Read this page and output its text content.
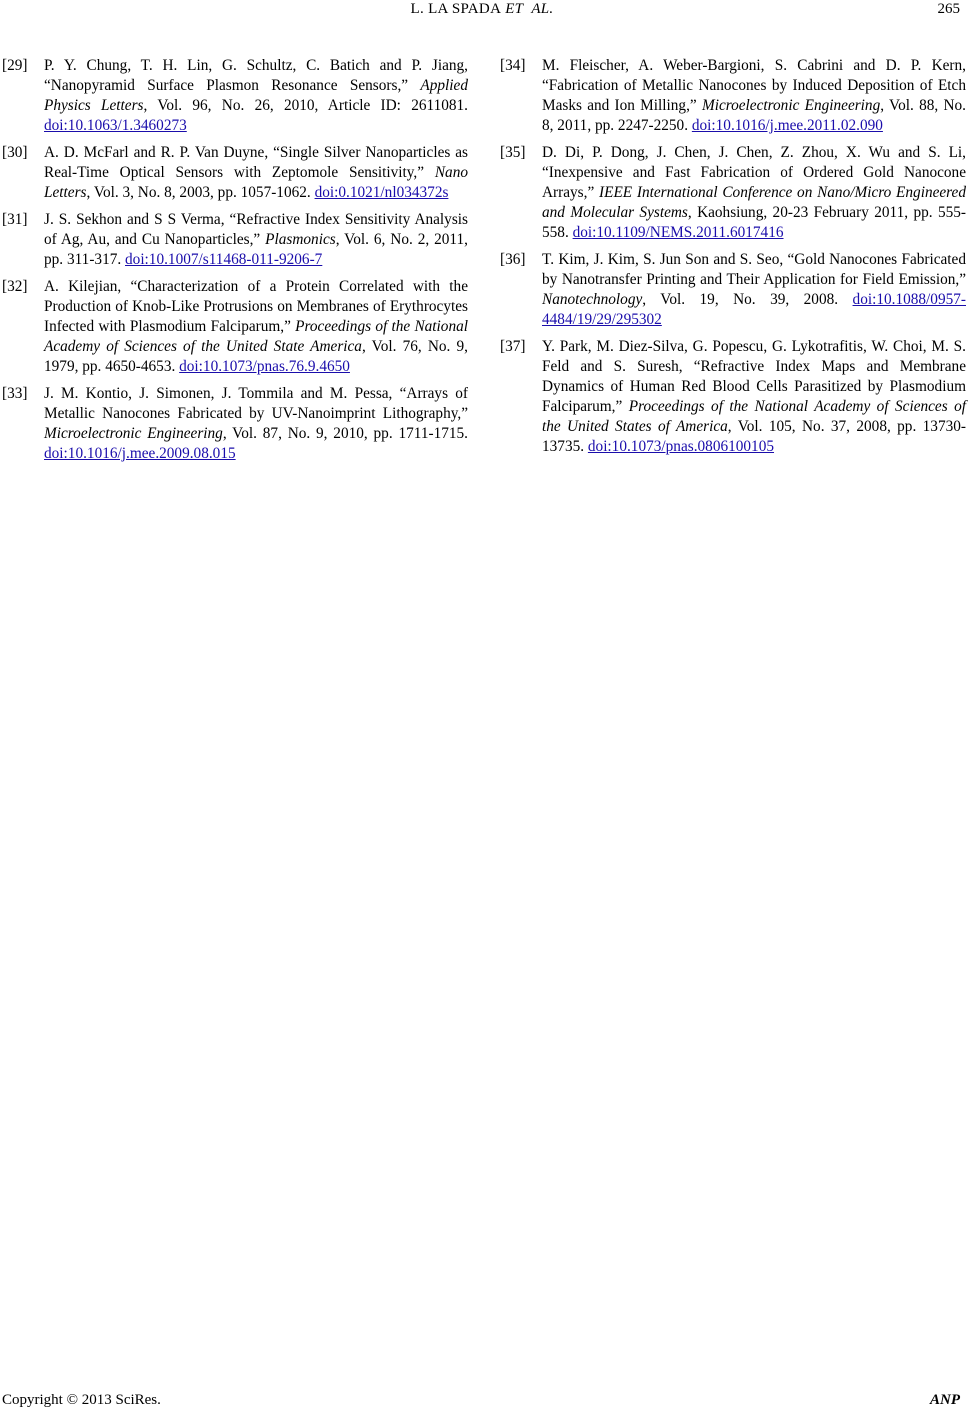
L. LA SPADA ET AL.	265
[29] P. Y. Chung, T. H. Lin, G. Schultz, C. Batich and P. Jiang, “Nanopyramid Surface Plasmon Resonance Sensors,” Applied Physics Letters, Vol. 96, No. 26, 2010, Article ID: 2611081. doi:10.1063/1.3460273
[30] A. D. McFarl and R. P. Van Duyne, “Single Silver Nanoparticles as Real-Time Optical Sensors with Zeptomole Sensitivity,” Nano Letters, Vol. 3, No. 8, 2003, pp. 1057-1062. doi:0.1021/nl034372s
[31] J. S. Sekhon and S S Verma, “Refractive Index Sensitivity Analysis of Ag, Au, and Cu Nanoparticles,” Plasmonics, Vol. 6, No. 2, 2011, pp. 311-317. doi:10.1007/s11468-011-9206-7
[32] A. Kilejian, “Characterization of a Protein Correlated with the Production of Knob-Like Protrusions on Membranes of Erythrocytes Infected with Plasmodium Falciparum,” Proceedings of the National Academy of Sciences of the United State America, Vol. 76, No. 9, 1979, pp. 4650-4653. doi:10.1073/pnas.76.9.4650
[33] J. M. Kontio, J. Simonen, J. Tommila and M. Pessa, “Arrays of Metallic Nanocones Fabricated by UV-Nanoimprint Lithography,” Microelectronic Engineering, Vol. 87, No. 9, 2010, pp. 1711-1715. doi:10.1016/j.mee.2009.08.015
[34] M. Fleischer, A. Weber-Bargioni, S. Cabrini and D. P. Kern, “Fabrication of Metallic Nanocones by Induced Deposition of Etch Masks and Ion Milling,” Microelectronic Engineering, Vol. 88, No. 8, 2011, pp. 2247-2250. doi:10.1016/j.mee.2011.02.090
[35] D. Di, P. Dong, J. Chen, J. Chen, Z. Zhou, X. Wu and S. Li, “Inexpensive and Fast Fabrication of Ordered Gold Nanocone Arrays,” IEEE International Conference on Nano/Micro Engineered and Molecular Systems, Kaohsiung, 20-23 February 2011, pp. 555-558. doi:10.1109/NEMS.2011.6017416
[36] T. Kim, J. Kim, S. Jun Son and S. Seo, “Gold Nanocones Fabricated by Nanotransfer Printing and Their Application for Field Emission,” Nanotechnology, Vol. 19, No. 39, 2008. doi:10.1088/0957-4484/19/29/295302
[37] Y. Park, M. Diez-Silva, G. Popescu, G. Lykotrafitis, W. Choi, M. S. Feld and S. Suresh, “Refractive Index Maps and Membrane Dynamics of Human Red Blood Cells Parasitized by Plasmodium Falciparum,” Proceedings of the National Academy of Sciences of the United States of America, Vol. 105, No. 37, 2008, pp. 13730-13735. doi:10.1073/pnas.0806100105
Copyright © 2013 SciRes.	ANP
